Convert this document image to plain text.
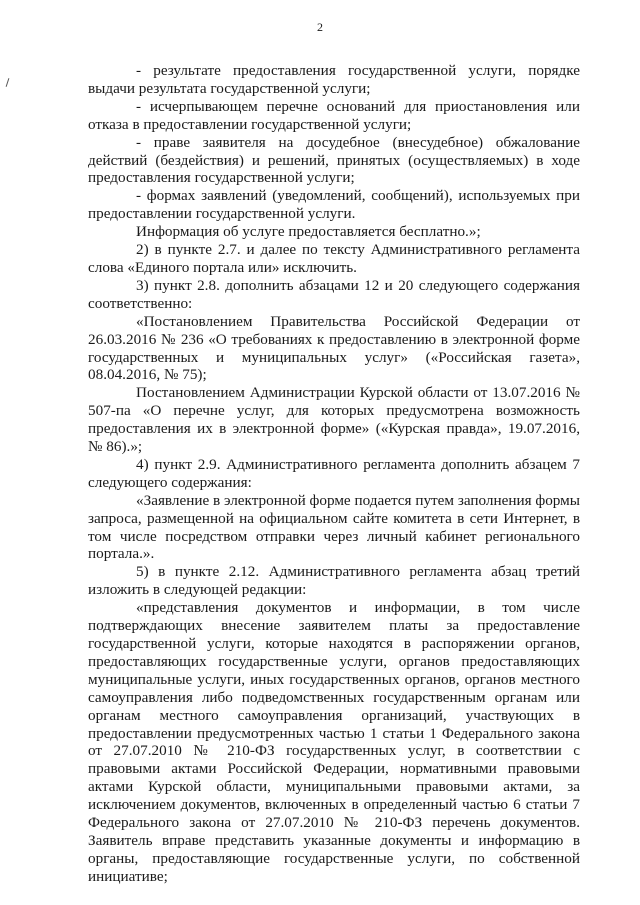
2

- результате предоставления государственной услуги, порядке выдачи результата государственной услуги;

- исчерпывающем перечне оснований для приостановления или отказа в предоставлении государственной услуги;

- праве заявителя на досудебное (внесудебное) обжалование действий (бездействия) и решений, принятых (осуществляемых) в ходе предоставления государственной услуги;

- формах заявлений (уведомлений, сообщений), используемых при предоставлении государственной услуги.

Информация об услуге предоставляется бесплатно.»;

2) в пункте 2.7. и далее по тексту Административного регламента слова «Единого портала или» исключить.

3) пункт 2.8. дополнить абзацами 12 и 20 следующего содержания соответственно:

«Постановлением Правительства Российской Федерации от 26.03.2016 № 236 «О требованиях к предоставлению в электронной форме государственных и муниципальных услуг» («Российская газета», 08.04.2016, № 75);

Постановлением Администрации Курской области от 13.07.2016 № 507-па «О перечне услуг, для которых предусмотрена возможность предоставления их в электронной форме» («Курская правда», 19.07.2016, № 86).»;

4) пункт 2.9. Административного регламента дополнить абзацем 7 следующего содержания:

«Заявление в электронной форме подается путем заполнения формы запроса, размещенной на официальном сайте комитета в сети Интернет, в том числе посредством отправки через личный кабинет регионального портала.».

5) в пункте 2.12. Административного регламента абзац третий изложить в следующей редакции:

«представления документов и информации, в том числе подтверждающих внесение заявителем платы за предоставление государственной услуги, которые находятся в распоряжении органов, предоставляющих государственные услуги, органов предоставляющих муниципальные услуги, иных государственных органов, органов местного самоуправления либо подведомственных государственным органам или органам местного самоуправления организаций, участвующих в предоставлении предусмотренных частью 1 статьи 1 Федерального закона от 27.07.2010 № 210-ФЗ государственных услуг, в соответствии с правовыми актами Российской Федерации, нормативными правовыми актами Курской области, муниципальными правовыми актами, за исключением документов, включенных в определенный частью 6 статьи 7 Федерального закона от 27.07.2010 № 210-ФЗ перечень документов. Заявитель вправе представить указанные документы и информацию в органы, предоставляющие государственные услуги, по собственной инициативе;
